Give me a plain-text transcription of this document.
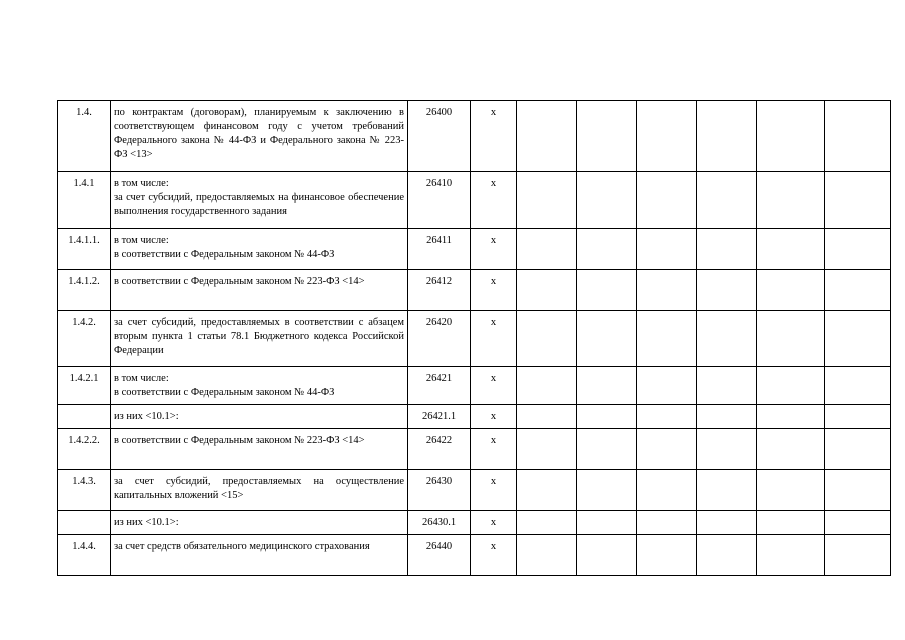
1.4.	по контрактам (договорам), планируемым к заключению в соответствующем финансовом году с учетом требований Федерального закона № 44-ФЗ и Федерального закона № 223-ФЗ <13>	26400	x						
1.4.1	в том числе:
за счет субсидий, предоставляемых на финансовое обеспечение выполнения государственного задания	26410	x						
1.4.1.1.	в том числе:
в соответствии с Федеральным законом № 44-ФЗ	26411	x						
1.4.1.2.	в соответствии с Федеральным законом № 223-ФЗ <14>	26412	x						
1.4.2.	за счет субсидий, предоставляемых в соответствии с абзацем вторым пункта 1 статьи 78.1 Бюджетного кодекса Российской Федерации	26420	x						
1.4.2.1	в том числе:
в соответствии с Федеральным законом № 44-ФЗ	26421	x						
	из них <10.1>:	26421.1	x						
1.4.2.2.	в соответствии с Федеральным законом № 223-ФЗ <14>	26422	x						
1.4.3.	за счет субсидий, предоставляемых на осуществление капитальных вложений <15>	26430	x						
	из них <10.1>:	26430.1	x						
1.4.4.	за счет средств обязательного медицинского страхования	26440	x						
